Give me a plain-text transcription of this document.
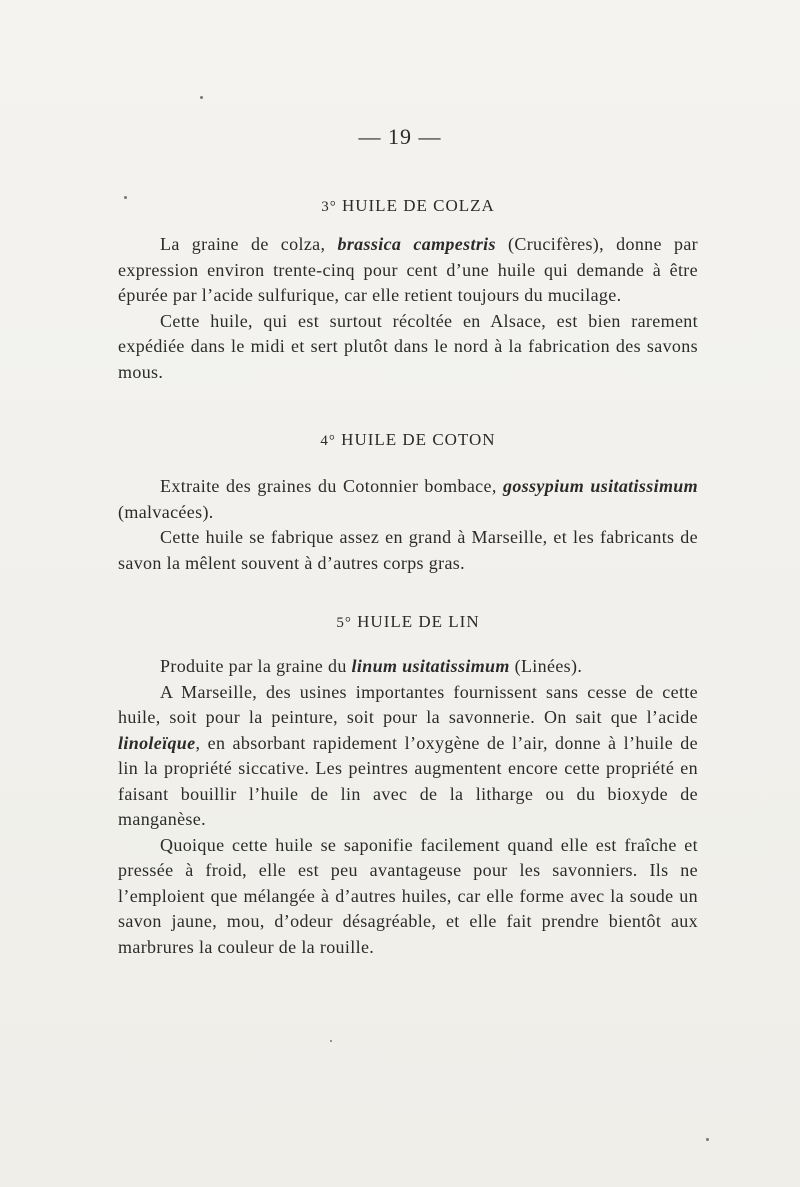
— 19 —

3° HUILE DE COLZA

La graine de colza, brassica campestris (Crucifères), donne par expression environ trente-cinq pour cent d’une huile qui demande à être épurée par l’acide sulfurique, car elle retient toujours du mucilage.

Cette huile, qui est surtout récoltée en Alsace, est bien rarement expédiée dans le midi et sert plutôt dans le nord à la fabrication des savons mous.

4° HUILE DE COTON

Extraite des graines du Cotonnier bombace, gossypium usitatissimum (malvacées).

Cette huile se fabrique assez en grand à Marseille, et les fabricants de savon la mêlent souvent à d’autres corps gras.

5° HUILE DE LIN

Produite par la graine du linum usitatissimum (Linées).

A Marseille, des usines importantes fournissent sans cesse de cette huile, soit pour la peinture, soit pour la savonnerie. On sait que l’acide linoleïque, en absorbant rapidement l’oxygène de l’air, donne à l’huile de lin la propriété siccative. Les peintres augmentent encore cette propriété en faisant bouillir l’huile de lin avec de la litharge ou du bioxyde de manganèse.

Quoique cette huile se saponifie facilement quand elle est fraîche et pressée à froid, elle est peu avantageuse pour les savonniers. Ils ne l’emploient que mélangée à d’autres huiles, car elle forme avec la soude un savon jaune, mou, d’odeur désagréable, et elle fait prendre bientôt aux marbrures la couleur de la rouille.
